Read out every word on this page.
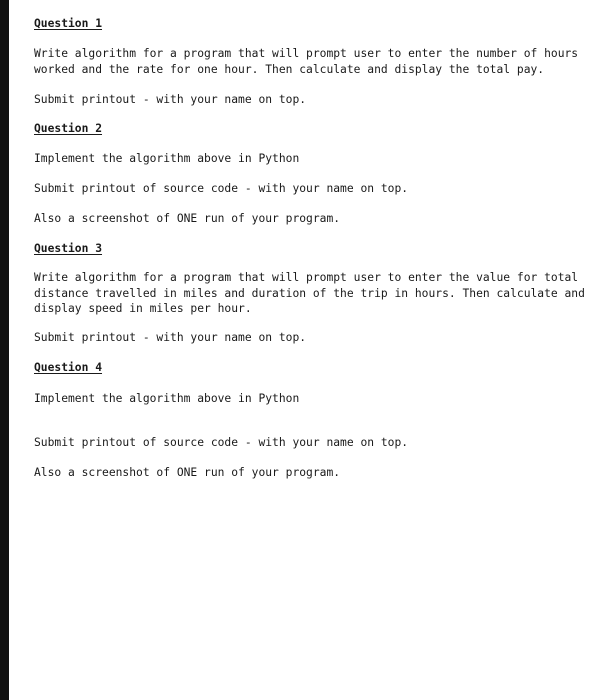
Question 1
Write algorithm for a program that will prompt user to enter the number of hours
worked and the rate for one hour. Then calculate and display the total pay.
Submit printout - with your name on top.
Question 2
Implement the algorithm above in Python
Submit printout of source code - with your name on top.
Also a screenshot of ONE run of your program.
Question 3
Write algorithm for a program that will prompt user to enter the value for total
distance travelled in miles and duration of the trip in hours. Then calculate and
display speed in miles per hour.
Submit printout - with your name on top.
Question 4
Implement the algorithm above in Python
Submit printout of source code - with your name on top.
Also a screenshot of ONE run of your program.
